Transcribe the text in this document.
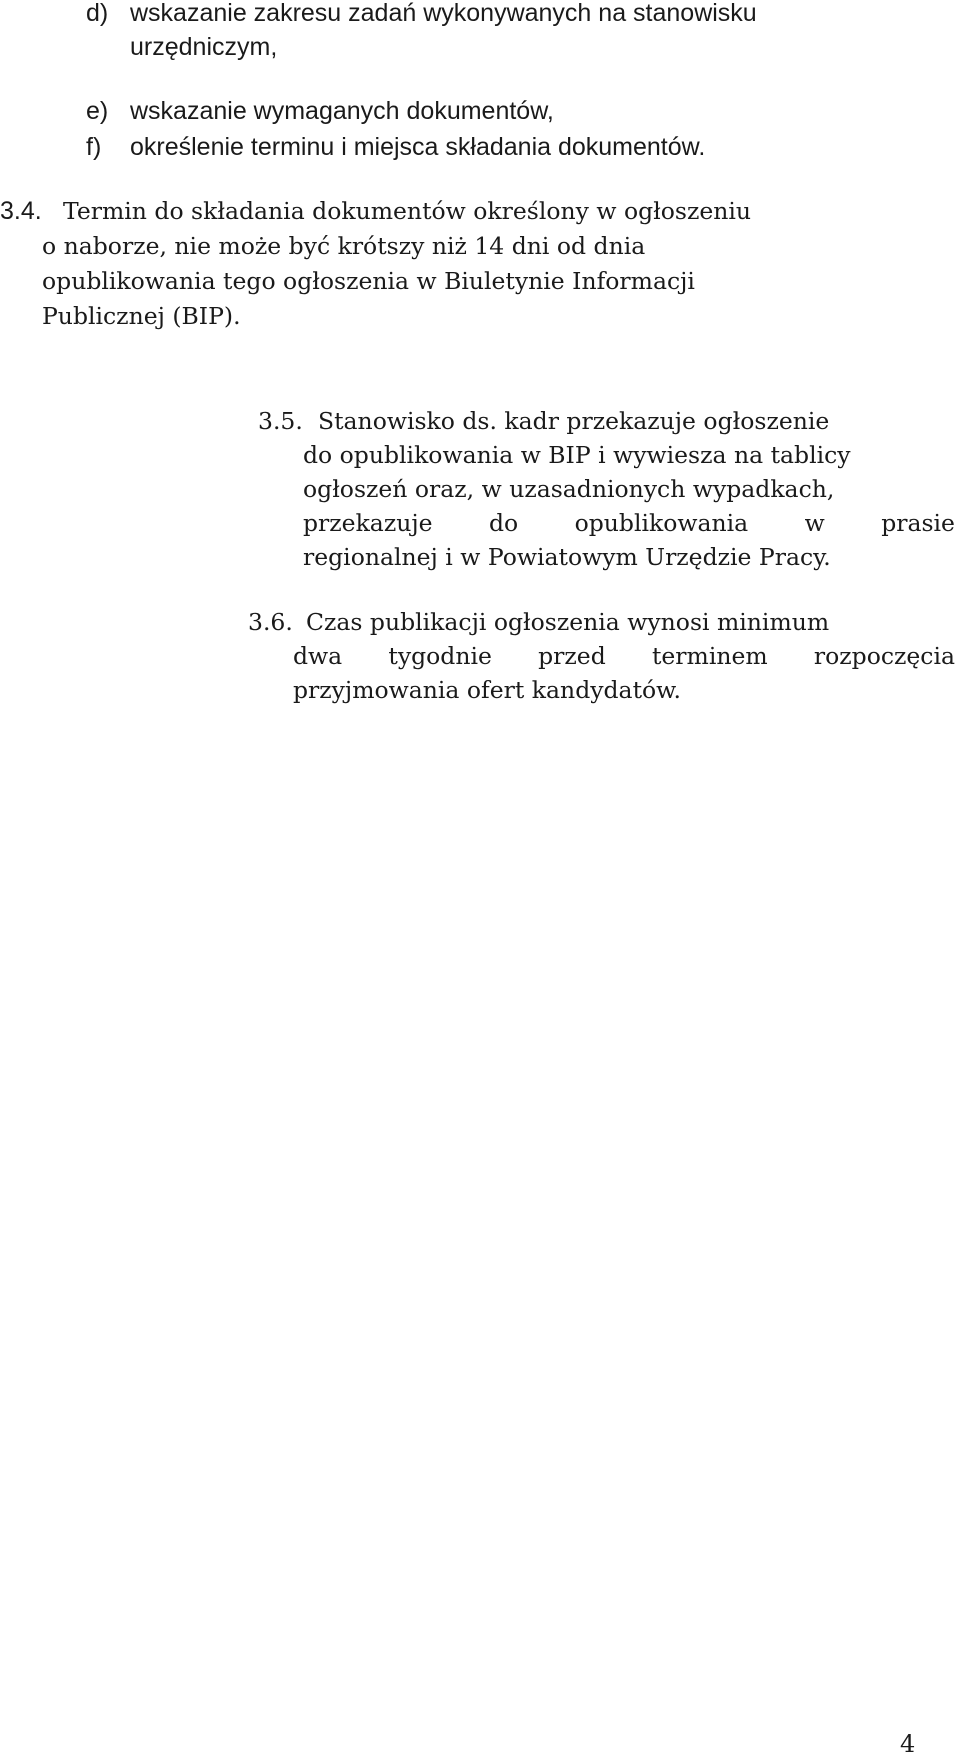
d) wskazanie zakresu zadań wykonywanych na stanowisku
urzędniczym,
e) wskazanie wymaganych dokumentów,
f) określenie terminu i miejsca składania dokumentów.
3.4. Termin do składania dokumentów określony w ogłoszeniu
o naborze, nie może być krótszy niż 14 dni od dnia
opublikowania tego ogłoszenia w Biuletynie Informacji
Publicznej (BIP).
3.5. Stanowisko ds. kadr przekazuje ogłoszenie
do opublikowania w BIP i wywiesza na tablicy
ogłoszeń oraz, w uzasadnionych wypadkach,
przekazuje do opublikowania w prasie
regionalnej i w Powiatowym Urzędzie Pracy.
3.6. Czas publikacji ogłoszenia wynosi minimum
dwa tygodnie przed terminem rozpoczęcia
przyjmowania ofert kandydatów.
4
